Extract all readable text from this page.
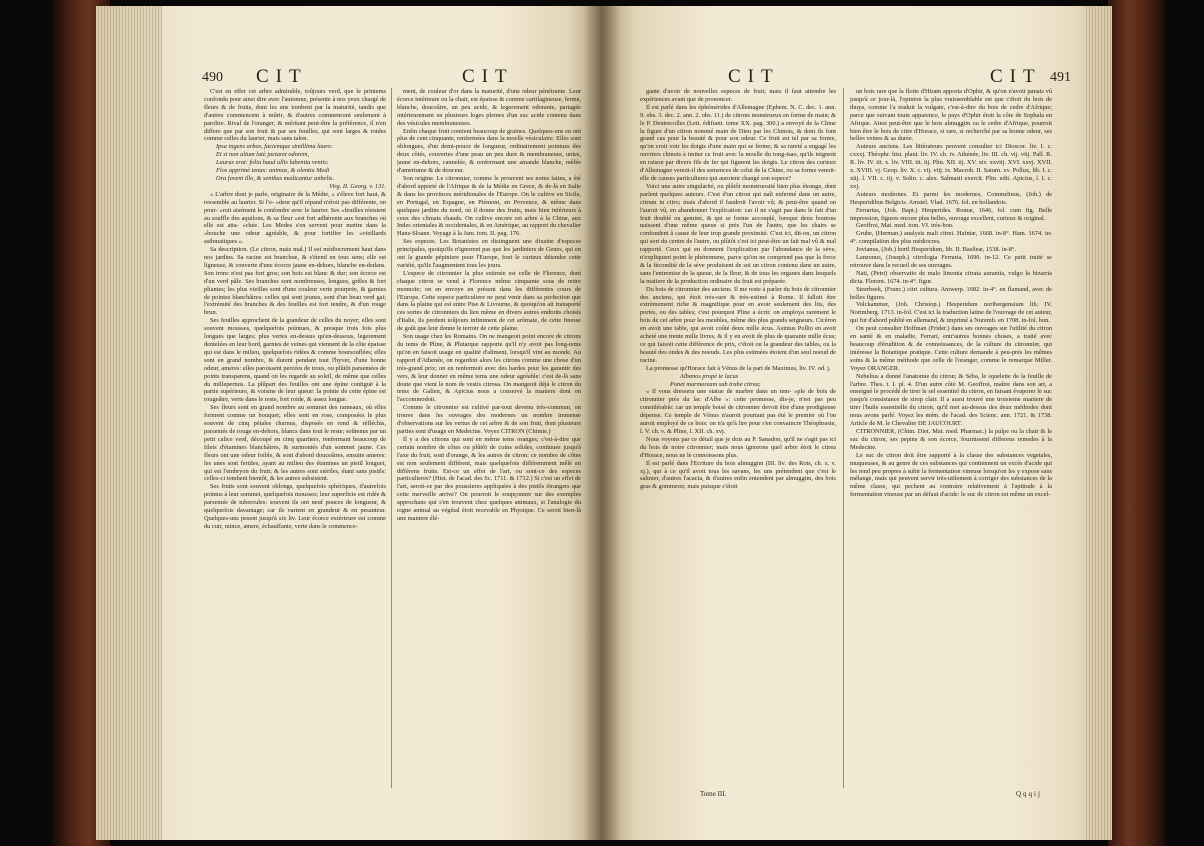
490 CIT	CIT	CIT	CIT 491

C'est en effet cet arbre admirable, toûjours verd, que le printems confondu pour ainsi dire avec l'automne, présente à nos yeux chargé de fleurs & de fruits, dont les uns tombent par la maturité, tandis que d'autres commencent à mûrir, & d'autres commencent seulement à paroître. Rival de l'oranger, & méritant peut-être la préférence, il n'en differe que par son fruit & par ses feuilles, qui sont larges & roides comme celles du laurier, mais sans talon.

Ipsa ingens arbos, faciemque simillima lauro:

Et si non alium latè jactaret odorem,

Laurus erat: folia haud ullis labentia ventis:

Flos apprimè tenax: animas, & olentia Medi

Ora fovent illo, & senibus medicantur anhelis.

Virg. II. Georg. v. 131.

« L'arbre dont je parle, originaire de la Médie, » s'éleve fort haut, & ressemble au laurier. Si l'o- »deur qu'il répand n'étoit pas différente, on pour- »roit aisément le confondre avec le laurier. Ses »feuilles résistent au souffle des aquilons, & sa fleur »est fort adhérente aux branches où elle est atta- »chée. Les Medes s'en servent pour mettre dans la »bouche une odeur agréable, & pour fortifier les »vieillards asthmatiques ».

Sa description. (Le citron, mais mal.) Il est médiocrement haut dans nos jardins. Sa racine est branchue, & s'étend en tous sens; elle est ligneuse, & couverte d'une écorce jaune en-dehors, blanche en-dedans. Son tronc n'est pas fort gros; son bois est blanc & dur; son écorce est d'un verd pâle. Ses branches sont nombreuses, longues, grêles & fort pliantes; les plus vieilles sont d'une couleur verte pourprée, & garnies de pointes blanchâtres: celles qui sont jeunes, sont d'un beau verd gai; l'extrémité des branches & des feuilles est fort tendre, & d'un rouge brun.

Ses feuilles approchent de la grandeur de celles du noyer; elles sont souvent mousses, quelquefois pointues, & presque trois fois plus longues que larges; plus vertes en-dessus qu'en-dessous, legerement dentelées en leur bord, garnies de veines qui viennent de la côte épaisse qui est dans le milieu, quelquefois ridées & comme boursouflées; elles sont en grand nombre, & durent pendant tout l'hyver, d'une bonne odeur, ameres: elles paroissent percées de trous, ou plûtôt parsemées de points transparens, quand on les regarde au soleil, de même que celles du millepertuis. La plûpart des feuilles ont une épine contiguë à la partie supérieure, & voisine de leur queue: la pointe de cette épine est rougeâtre, verte dans le reste, fort roide, & assez longue.

Ses fleurs sont en grand nombre au sommet des rameaux, où elles forment comme un bouquet; elles sont en rose, composées le plus souvent de cinq pétales charnus, disposés en rond & réfléchis, parsemés de rouge en-dehors, blancs dans tout le reste; soûtenus par un petit calice verd, découpé en cinq quartiers, renfermant beaucoup de filets d'étamines blanchâtres, & surmontés d'un sommet jaune. Ces fleurs ont une odeur foible, & sont d'abord douceâtres, ensuite ameres: les unes sont fertiles, ayant au milieu des étamines un pistil longuet, qui est l'embryon du fruit; & les autres sont stériles, étant sans pistils: celles-ci tombent bientôt, & les autres subsistent.

Ses fruits sont souvent oblongs, quelquefois sphériques, d'autrefois pointus à leur sommet, quelquefois mousses; leur superficie est ridée & parsemée de tubercules: souvent ils ont neuf pouces de longueur, & quelquefois davantage; car ils varient en grandeur & en pesanteur. Quelques-uns pesent jusqu'à six liv. Leur écorce extérieure est comme du cuir, mince, amere, échauffante, verte dans le commence-

ment, de couleur d'or dans la maturité, d'une odeur pénétrante. Leur écorce intérieure ou la chair, est épaisse & comme cartilagineuse, ferme, blanche, douceâtre, un peu acide, & legerement odorante, partagée intérieurement en plusieurs loges pleines d'un suc acide contenu dans des vésicules membraneuses.

Enfin chaque fruit contient beaucoup de graines. Quelques-uns en ont plus de cent cinquante, renfermées dans la moelle vésiculaire. Elles sont oblongues, d'un demi-pouce de longueur, ordinairement pointues des deux côtés, couvertes d'une peau un peu dure & membraneuse, unies, jaune en-dehors, cannelée, & renfermant une amande blanche, mêlée d'amertume & de douceur.

Son origine. Le citronnier, comme le prouvent ses noms latins, a été d'abord apporté de l'Afrique & de la Médie en Grece, & de-là en Italie & dans les provinces méridionales de l'Europe. On le cultive en Sicile, en Portugal, en Espagne, en Piémont, en Provence, & même dans quelques jardins du nord, où il donne des fruits, mais bien inférieurs à ceux des climats chauds. On cultive encore cet arbre à la Chine, aux Indes orientales & occidentales, & en Amérique, au rapport du chevalier Hans-Sloane. Voyage à la Jam. tom. II. pag. 176.

Ses especes. Les Botanistes en distinguent une dixaine d'especes principales, quoiqu'ils n'ignorent pas que les jardiniers de Genes, qui en ont la grande pépiniere pour l'Europe, font le curieux détendre cette variété, qu'ils l'augmentent tous les jours.

L'espece de citronnier la plus estimée est celle de Florence, dont chaque citron se vend à Florence même cinquante sous de notre monnoie; on en envoye en présent dans les différentes cours de l'Europe. Cette espece particuliere ne peut venir dans sa perfection que dans la plaine qui est entre Pise & Livourne, & quoiqu'on ait transporté ces sortes de citronniers du lieu même en divers autres endroits choisis d'Italie, ils perdent toûjours infiniment de cet arômate, de cette finesse de goût que leur donne le terroir de cette plaine.

Son usage chez les Romains. On ne mangeoit point encore de citrons du tems de Pline, & Plutarque rapporte qu'il n'y avoit pas long-tems qu'on en faisoit usage en qualité d'aliment, lorsqu'il vint au monde. Au rapport d'Athenée, on regardoit alors les citrons comme une chose d'un très-grand prix; on en renfermoit avec des hardes pour les garantir des vers, & leur donner en même tems une odeur agréable: c'est de-là sans doute que vient le nom de vestis citrosa. On mangeoit déjà le citron du tems de Galien, & Apicius nous a conservé la maniere dont on l'accommodoit.

Comme le citronnier est cultivé par-tout devenu très-commun, on trouve dans les ouvrages des modernes un nombre immense d'observations sur les vertus de cet arbre & de son fruit, dont plusieurs parties sont d'usage en Medecine. Voyez CITRON (Chimie.)

Il y a des citrons qui sont en même tems oranges; c'est-à-dire que certain nombre de côtes ou plûtôt de coins solides, continues jusqu'à l'axe du fruit, sont d'orange, & les autres de citron: ce nombre de côtes est non seulement différent, mais quelquefois différemment mêlé en différens fruits. Est-ce un effet de l'art, ou sont-ce des especes particulieres? (Hist. de l'acad. des Sc. 1711. & 1712.) Si c'est un effet de l'art, seroit-ce par des poussieres appliquées à des pistils étrangers que cette merveille arrive? On pourroit le soupçonner sur des exemples approchans qui s'en trouvent chez quelques animaux, si l'analogie du regne animal au végétal étoit recevable en Physique. Ce seroit bien-là une maniere élé-

gante d'avoir de nouvelles especes de fruit; mais il faut attendre les expériences avant que de prononcer.

Il est parlé dans les éphémérides d'Allemagne (Ephem. N. C. dec. 1. ann. 9. obs. 3. dec. 2. ann. 2. obs. 11.) de citrons monstrueux en forme de main; & le P. Dentrecolles (Lett. édifiant. tome XX. pag. 300.) a envoyé de la Chine la figure d'un citron nommé main de Dieu par les Chinois, & dont ils font grand cas pour la beauté & pour son odeur. Ce fruit est tel par sa forme, qu'on croit voir les doigts d'une main qui se ferme; & sa rareté a engagé les ouvriers chinois à imiter ce fruit avec la moelle du tong-tsao, qu'ils teignent en raison par divers fils de fer qui figurent les doigts. Le citron des curieux d'Allemagne venoit-il des semences de celui de la Chine, ou sa forme venoit-elle de causes particulieres qui auroient changé son espece?

Voici une autre singularité, ou plûtôt monstruosité bien plus étrange, dont parlent quelques auteurs. C'est d'un citron qui naît enfermé dans un autre, citrum in citro; mais d'abord il faudroit l'avoir vû; & peut-être quand on l'auroit vû, en abandonner l'explication: car il ne s'agit pas dans le fait d'un fruit doublé ou geminé, & qui se forme accouplé, lorsque deux boutons naissent d'une même queue si près l'un de l'autre, que les chairs se confondent à cause de leur trop grande proximité. C'est ici, dit-on, un citron qui sort du centre de l'autre, ou plûtôt c'est ici peut-être un fait mal vû & mal rapporté. Ceux qui en donnent l'explication par l'abondance de la séve, n'expliquent point le phénomene, parce qu'on ne comprend pas que la force & la fécondité de la séve produisent de soi un citron contenu dans un autre, sans l'entremise de la queue, de la fleur, & de tous les organes dans lesquels la matiere de la production ordinaire du fruit est préparée.

Du bois de citronnier des anciens. Il me reste à parler du bois de citronnier des anciens, qui étoit très-rare & très-estimé à Rome. Il falloit être extrèmement riche & magnifique pour en avoir seulement des lits, des portes, ou des tables; c'est pourquoi Pline a écrit: on employa rarement le bois de cet arbre pour les meubles, même des plus grands seigneurs. Cicéron en avoit une table, qui avoit coûté deux mille écus. Asinius Pollio en avoit acheté une trente mille livres, & il y en avoit de plus de quarante mille écus; ce qui faisoit cette différence de prix, c'étoit ou la grandeur des tables, ou la beauté des ondes & des noeuds. Les plus estimées étoient d'un seul noeud de racine.

La promesse qu'Horace fait à Vénus de la part de Maximus, liv. IV. od. j.

Albanos propè te lacus

Ponet marmoream sub trabe citrea;

« Il vous dressera une statue de marbre dans un tem- »ple de bois de citronnier près du lac d'Albe »: cette promesse, dis-je, n'est pas peu considérable: car un temple boisé de citronnier devoit être d'une prodigieuse dépense. Ce temple de Vénus n'auroit pourtant pas été le premier où l'on auroit employé de ce bois: on n'a qu'à lire pour s'en convaincre Théophraste, l. V. ch. v. & Pline, l. XII. ch. xvj.

Nous voyons par ce détail que je dois au P. Sanadon, qu'il ne s'agit pas ici du bois de notre citronnier; mais nous ignorons quel arbre étoit le citrea d'Horace, nous ne le connoissons plus.

Il est parlé dans l'Ecriture du bois almuggim (III. liv. des Rois, ch. x. v. xj.), qui à ce qu'il avoit tous les savans, les uns prétendent que c'est le salinier, d'autres l'acacia, & d'autres enfin entendent par almuggim, des bois gras & gommeux; mais puisque c'étoit

Tome III.

un bois rare que la flotte d'Hiram apporta d'Ophir, & qu'on n'avoit jamais vû jusqu'à ce jour-là, l'opinion la plus vraissemblable est que c'étoit du bois de thuya, comme l'a traduit la vulgate, c'est-à-dire du bois de cedre d'Afrique; parce que suivant toute apparence, le pays d'Ophir étoit la côte de Sophala en Afrique. Ainsi peut-être que le bois almuggim ou le cedre d'Afrique, pourroit bien être le bois de citre d'Horace, si rare, si recherché par sa bonne odeur, ses belles veines & sa durée.

Auteurs anciens. Les littérateurs peuvent consulter ici Dioscor. liv. I. c. cxxxj. Théophr. hist. plant. liv. IV. ch. iv. Athénée, liv. III. ch. vij. viij. Pall. R. R. liv. IV. tit. x. liv. VIII. tit. iij. Plin. XII. iij. XV. xiv. xxviij. XVI. xxvj. XVII. x. XVIII. vj. Geop. liv. X. c. vij. viij. ix. Macrob. II. Saturn. xv. Pollux, lib. I. c. xiij. l. VII. c. iij. v. Solin. c. alex. Salmasii exercit. Plin. edit. Apicius, l. I. c. xxj.

Auteurs modernes. Et parmi les modernes, Commelinus, (Joh.) de Hesperidibus Belgicis. Amstel. Vlad. 1676. fol. en hollandois.

Ferrarius, (Joh. Bapt.) Hesperides. Romæ, 1646, fol. cum fig. Belle impression, figures encore plus belles, ouvrage excellent, curieux & original.

Geoffroi, Mat. med. tom. VI. très-bon.

Grube, (Herman.) analysis mali citrei. Hafniæ, 1668. in-8°. Ham. 1674. in-4°. compilation des plus médiocres.

Jovianus, (Joh.) hortl Hesperidum, lib. II. Basileæ, 1538. in-8°.

Lanzonus, (Joseph.) citrologia Ferraria, 1690. in-12. Ce petit traité se retrouve dans le recueil de ses ouvrages.

Nati, (Petri) observatio de malo limonia citrata aurantia, vulgo la bizarria dicta. Florent. 1674. in-4°. figur.

Steerbeek, (Franc.) citri cultura. Antwerp. 1682. in-4°. en flamand, avec de belles figures.

Volckammer, (Joh. Christop.) Hesperidum noribergensium lib. IV. Norimberg. 1713. in-fol. C'est ici la traduction latine de l'ouvrage de cet auteur, qui fut d'abord publié en allemand, & imprimé à Nuremb. en 1708. in-fol. bon.

On peut consulter Hoffman (Frider.) dans ses ouvrages sur l'utilité du citron en santé & en maladie, Ferrari, entr'autres bonnes choses, a traité avec beaucoup d'érudition & de connoissances, de la culture du citronnier, qui intéresse la Botanique pratique. Cette culture demande à peu-près les mêmes soins & la même méthode que celle de l'oranger, comme le remarque Miller. Voyez ORANGER.

Nebelius a donné l'anatomie du citron; & Seba, le squelette de la feuille de l'arbre. Thes. t. I. pl. 4. D'un autre côté M. Geoffroi, maître dans son art, a enseigné le procédé de tirer le sel essentiel du citron, en faisant évaporer le suc jusqu'à consistance de sirop clair. Il a aussi trouvé une troisieme maniere de tirer l'huile essentielle du citron, qu'il met au-dessus des deux méthodes dont nous avons parlé. Voyez les mém. de l'acad. des Scienc. ann. 1721. & 1738. Article de M. le Chevalier DE JAUCOURT.

CITRONNIER, (Chim. Diet. Mat. med. Pharmac.) la pulpe ou la chair & le suc du citron, ses pepins & son écorce, fournissent differens remedes à la Medecine.

Le suc de citron doit être rapporté à la classe des substances vegetales, muqueuses, & au genre de ces substances qui contiennent un excès d'acide qui les rend peu propres à subir la fermentation vineuse lorsqu'on les y expose sans mélange, mais qui peuvent servir très-utilement à corriger des substances de la même classe, qui pechent au contraire relativement à l'aptitude à la fermentation vineuse par un défaut d'acide: le suc de citron est même un excel-

Qqqij
